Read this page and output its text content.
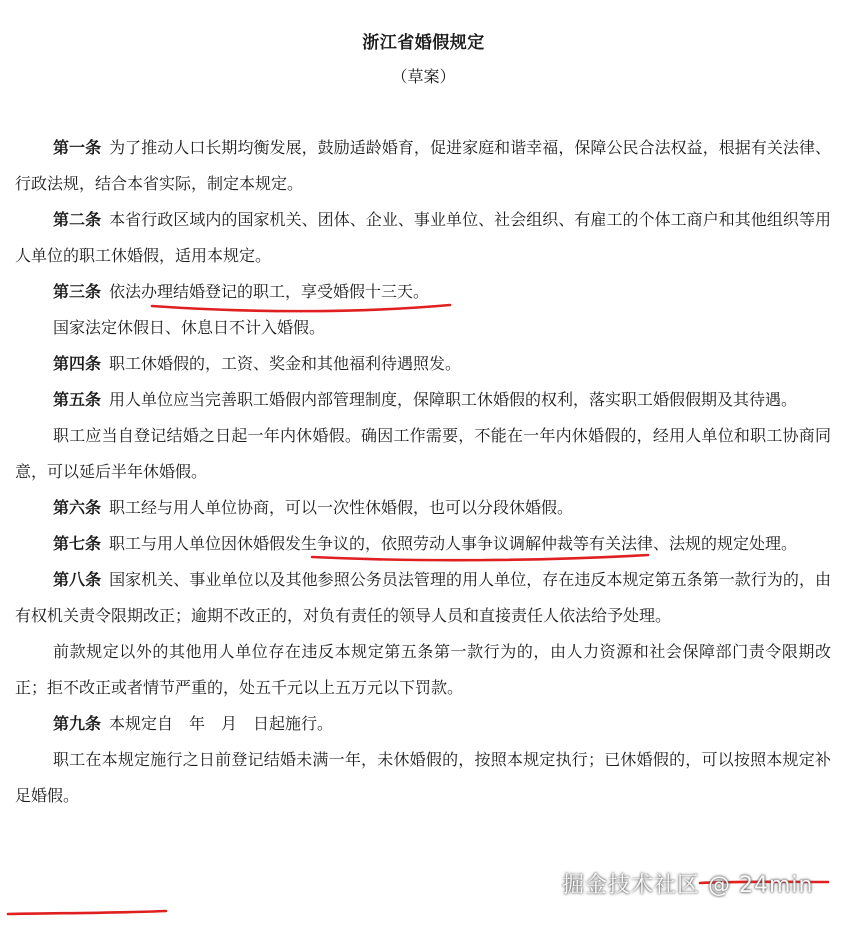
浙江省婚假规定
（草案）

第一条 为了推动人口长期均衡发展，鼓励适龄婚育，促进家庭和谐幸福，保障公民合法权益，根据有关法律、行政法规，结合本省实际，制定本规定。

第二条 本省行政区域内的国家机关、团体、企业、事业单位、社会组织、有雇工的个体工商户和其他组织等用人单位的职工休婚假，适用本规定。

第三条 依法办理结婚登记的职工，享受婚假十三天。

国家法定休假日、休息日不计入婚假。

第四条 职工休婚假的，工资、奖金和其他福利待遇照发。

第五条 用人单位应当完善职工婚假内部管理制度，保障职工休婚假的权利，落实职工婚假假期及其待遇。

职工应当自登记结婚之日起一年内休婚假。确因工作需要，不能在一年内休婚假的，经用人单位和职工协商同意，可以延后半年休婚假。

第六条 职工经与用人单位协商，可以一次性休婚假，也可以分段休婚假。

第七条 职工与用人单位因休婚假发生争议的，依照劳动人事争议调解仲裁等有关法律、法规的规定处理。

第八条 国家机关、事业单位以及其他参照公务员法管理的用人单位，存在违反本规定第五条第一款行为的，由有权机关责令限期改正；逾期不改正的，对负有责任的领导人员和直接责任人依法给予处理。

前款规定以外的其他用人单位存在违反本规定第五条第一款行为的，由人力资源和社会保障部门责令限期改正；拒不改正或者情节严重的，处五千元以上五万元以下罚款。

第九条 本规定自　年　月　日起施行。

职工在本规定施行之日前登记结婚未满一年，未休婚假的，按照本规定执行；已休婚假的，可以按照本规定补足婚假。

掘金技术社区 @ 24min
